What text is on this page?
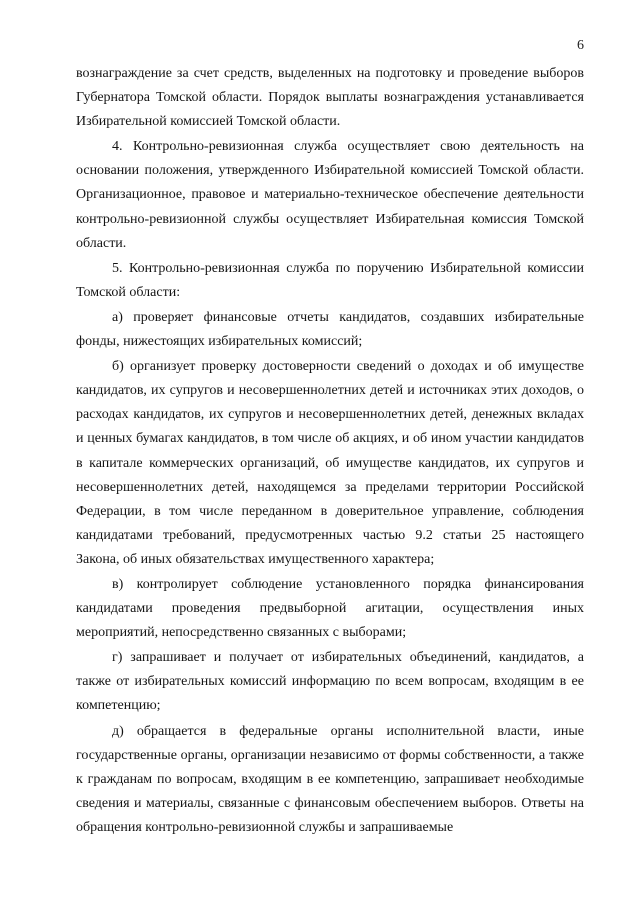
6

вознаграждение за счет средств, выделенных на подготовку и проведение выборов Губернатора Томской области. Порядок выплаты вознаграждения устанавливается Избирательной комиссией Томской области.

4. Контрольно-ревизионная служба осуществляет свою деятельность на основании положения, утвержденного Избирательной комиссией Томской области. Организационное, правовое и материально-техническое обеспечение деятельности контрольно-ревизионной службы осуществляет Избирательная комиссия Томской области.

5. Контрольно-ревизионная служба по поручению Избирательной комиссии Томской области:

а) проверяет финансовые отчеты кандидатов, создавших избирательные фонды, нижестоящих избирательных комиссий;

б) организует проверку достоверности сведений о доходах и об имуществе кандидатов, их супругов и несовершеннолетних детей и источниках этих доходов, о расходах кандидатов, их супругов и несовершеннолетних детей, денежных вкладах и ценных бумагах кандидатов, в том числе об акциях, и об ином участии кандидатов в капитале коммерческих организаций, об имуществе кандидатов, их супругов и несовершеннолетних детей, находящемся за пределами территории Российской Федерации, в том числе переданном в доверительное управление, соблюдения кандидатами требований, предусмотренных частью 9.2 статьи 25 настоящего Закона, об иных обязательствах имущественного характера;

в) контролирует соблюдение установленного порядка финансирования кандидатами проведения предвыборной агитации, осуществления иных мероприятий, непосредственно связанных с выборами;

г) запрашивает и получает от избирательных объединений, кандидатов, а также от избирательных комиссий информацию по всем вопросам, входящим в ее компетенцию;

д) обращается в федеральные органы исполнительной власти, иные государственные органы, организации независимо от формы собственности, а также к гражданам по вопросам, входящим в ее компетенцию, запрашивает необходимые сведения и материалы, связанные с финансовым обеспечением выборов. Ответы на обращения контрольно-ревизионной службы и запрашиваемые
